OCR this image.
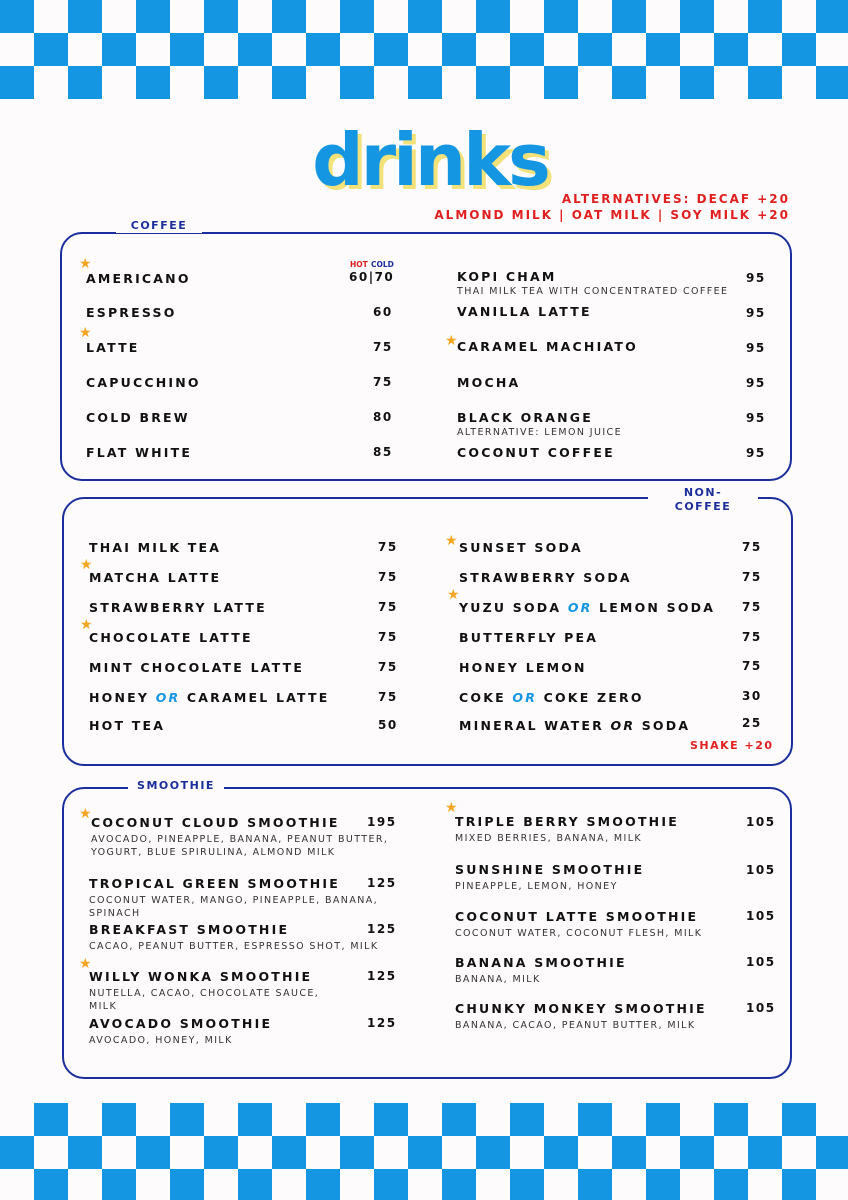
drinks	ALTERNATIVES: DECAF +20
ALMOND MILK | OAT MILK | SOY MILK +20
COFFEE
HOT COLD
★
AMERICANO	60|70
ESPRESSO	60
★
LATTE	75
CAPUCCHINO	75
COLD BREW	80
FLAT WHITE	85
KOPI CHAM
THAI MILK TEA WITH CONCENTRATED COFFEE
95
VANILLA LATTE	95
★ CARAMEL MACHIATO	95
MOCHA	95
BLACK ORANGE
ALTERNATIVE: LEMON JUICE
95
COCONUT COFFEE	95
NON-
COFFEE
THAI MILK TEA	75
★
MATCHA LATTE	75
STRAWBERRY LATTE	75
★
CHOCOLATE LATTE	75
MINT CHOCOLATE LATTE	75
HONEY OR CARAMEL LATTE	75
HOT TEA	50
★ SUNSET SODA	75
STRAWBERRY SODA	75
★
YUZU SODA OR LEMON SODA 75
BUTTERFLY PEA	75
HONEY LEMON	75
COKE OR COKE ZERO	30
MINERAL WATER OR SODA	25
SHAKE +20
SMOOTHIE
★
COCONUT CLOUD SMOOTHIE
AVOCADO, PINEAPPLE, BANANA, PEANUT BUTTER,
YOGURT, BLUE SPIRULINA, ALMOND MILK
195
TROPICAL GREEN SMOOTHIE
COCONUT WATER, MANGO, PINEAPPLE, BANANA,
SPINACH
125
BREAKFAST SMOOTHIE
CACAO, PEANUT BUTTER, ESPRESSO SHOT, MILK
125
★
WILLY WONKA SMOOTHIE
NUTELLA, CACAO, CHOCOLATE SAUCE,
MILK
125
AVOCADO SMOOTHIE
AVOCADO, HONEY, MILK
125
★
TRIPLE BERRY SMOOTHIE
MIXED BERRIES, BANANA, MILK
105
SUNSHINE SMOOTHIE
PINEAPPLE, LEMON, HONEY
105
COCONUT LATTE SMOOTHIE
COCONUT WATER, COCONUT FLESH, MILK
105
BANANA SMOOTHIE
BANANA, MILK
105
CHUNKY MONKEY SMOOTHIE
BANANA, CACAO, PEANUT BUTTER, MILK
105
